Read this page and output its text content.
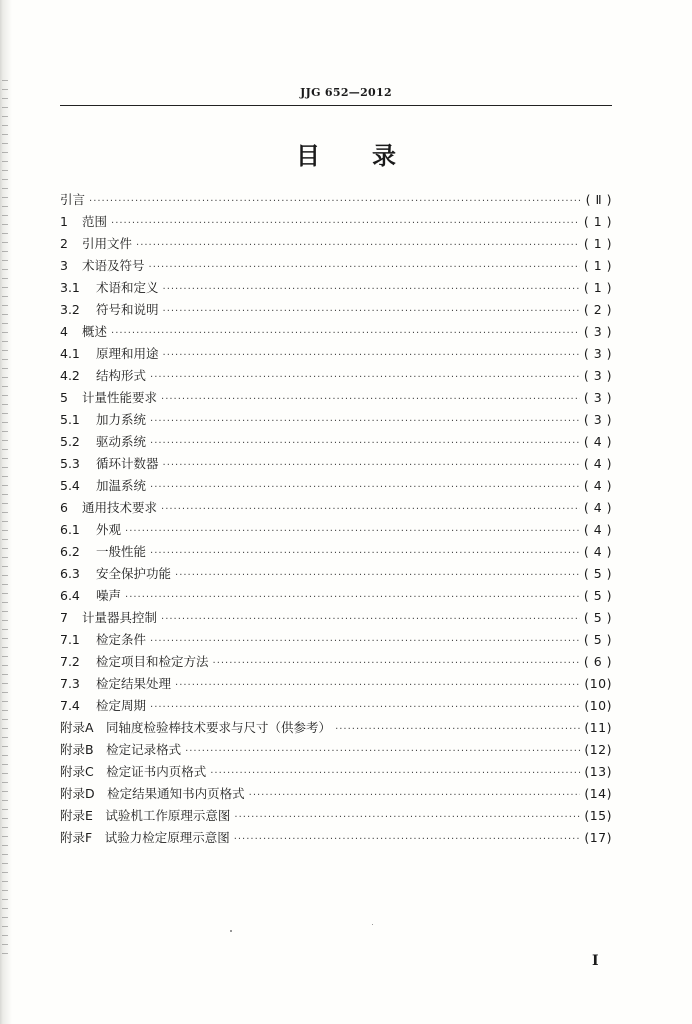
JJG 652—2012
目录
引言 ·····	( Ⅱ )
1	范围 ·····	( 1 )
2	引用文件 ·····	( 1 )
3	术语及符号 ·····	( 1 )
3.1	术语和定义 ·····	( 1 )
3.2	符号和说明 ·····	( 2 )
4	概述 ·····	( 3 )
4.1	原理和用途 ·····	( 3 )
4.2	结构形式 ·····	( 3 )
5	计量性能要求 ·····	( 3 )
5.1	加力系统 ·····	( 3 )
5.2	驱动系统 ·····	( 4 )
5.3	循环计数器 ·····	( 4 )
5.4	加温系统 ·····	( 4 )
6	通用技术要求 ·····	( 4 )
6.1	外观 ·····	( 4 )
6.2	一般性能 ·····	( 4 )
6.3	安全保护功能 ·····	( 5 )
6.4	噪声 ·····	( 5 )
7	计量器具控制 ·····	( 5 )
7.1	检定条件 ·····	( 5 )
7.2	检定项目和检定方法 ·····	( 6 )
7.3	检定结果处理 ·····	(10)
7.4	检定周期 ·····	(10)
附录A　同轴度检验棒技术要求与尺寸（供参考） ·····	(11)
附录B　检定记录格式 ·····	(12)
附录C　检定证书内页格式 ·····	(13)
附录D　检定结果通知书内页格式 ·····	(14)
附录E　试验机工作原理示意图 ·····	(15)
附录F　试验力检定原理示意图 ·····	(17)
I
